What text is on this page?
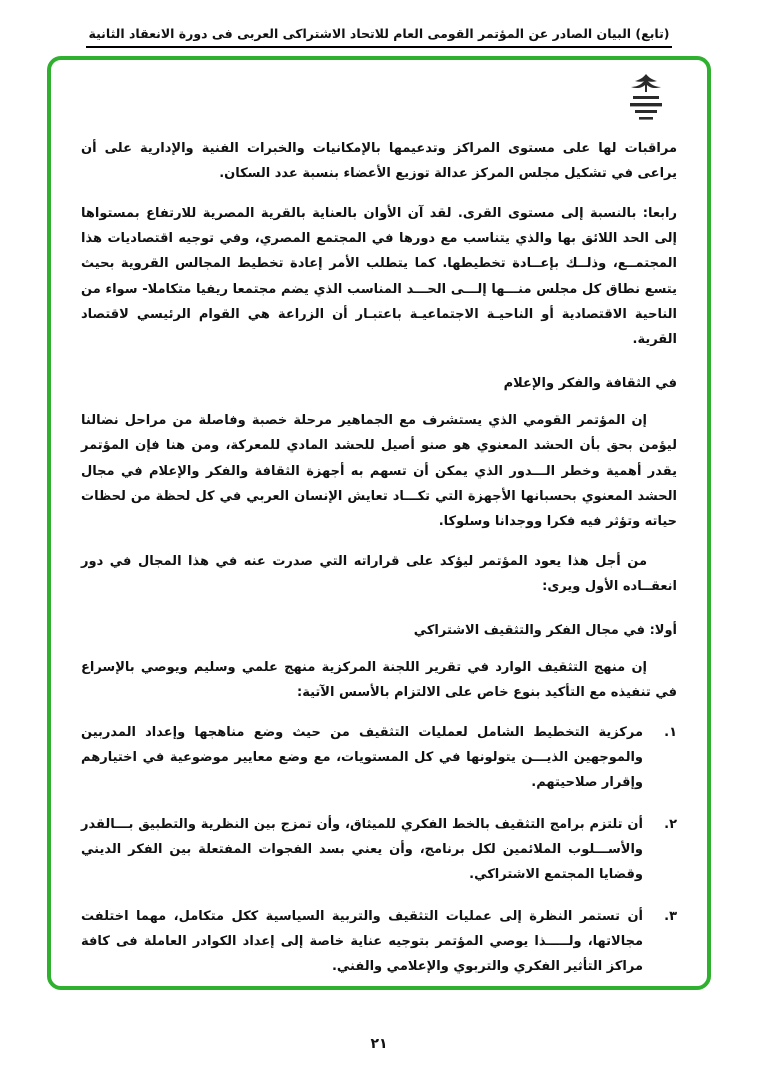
(تابع) البيان الصادر عن المؤتمر القومى العام للاتحاد الاشتراكى العربى فى دورة الانعقاد الثانية

مراقبات لها على مستوى المراكز وتدعيمها بالإمكانيات والخبرات الفنية والإدارية على أن يراعى في تشكيل مجلس المركز عدالة توزيع الأعضاء بنسبة عدد السكان.

رابعا: بالنسبة إلى مستوى القرى. لقد آن الأوان بالعناية بالقرية المصرية للارتفاع بمستواها إلى الحد اللائق بها والذي يتناسب مع دورها في المجتمع المصري، وفي توجيه اقتصاديات هذا المجتمــع، وذلــك بإعــادة تخطيطها. كما يتطلب الأمر إعادة تخطيط المجالس القروية بحيث يتسع نطاق كل مجلس منـــها إلـــى الحـــد المناسب الذي يضم مجتمعا ريفيا متكاملا- سواء من الناحية الاقتصادية أو الناحيـة الاجتماعيـة باعتبـار أن الزراعة هي القوام الرئيسي لاقتصاد القرية.

في الثقافة والفكر والإعلام

إن المؤتمر القومي الذي يستشرف مع الجماهير مرحلة خصبة وفاصلة من مراحل نضالنا ليؤمن بحق بأن الحشد المعنوي هو صنو أصيل للحشد المادي للمعركة، ومن هنا فإن المؤتمر يقدر أهمية وخطر الـــدور الذي يمكن أن تسهم به أجهزة الثقافة والفكر والإعلام في مجال الحشد المعنوي بحسبانها الأجهزة التي تكـــاد تعايش الإنسان العربي في كل لحظة من لحظات حياته وتؤثر فيه فكرا ووجدانا وسلوكا.

من أجل هذا يعود المؤتمر ليؤكد على قراراته التي صدرت عنه في هذا المجال في دور انعقــاده الأول ويرى:

أولا: في مجال الفكر والتثقيف الاشتراكي

إن منهج التثقيف الوارد في تقرير اللجنة المركزية منهج علمي وسليم ويوصي بالإسراع في تنفيذه مع التأكيد بنوع خاص على الالتزام بالأسس الآتية:

١.
مركزية التخطيط الشامل لعمليات التثقيف من حيث وضع مناهجها وإعداد المدربين والموجهين الذيـــن يتولونها في كل المستويات، مع وضع معايير موضوعية في اختيارهم وإقرار صلاحيتهم.
٢.
أن تلتزم برامج التثقيف بالخط الفكري للميثاق، وأن تمزج بين النظرية والتطبيق بـــالقدر والأســـلوب الملائمين لكل برنامج، وأن يعني بسد الفجوات المفتعلة بين الفكر الديني وقضايا المجتمع الاشتراكي.
٣.
أن تستمر النظرة إلى عمليات التثقيف والتربية السياسية ككل متكامل، مهما اختلفت مجالاتها، ولـــــذا يوصي المؤتمر بتوجيه عناية خاصة إلى إعداد الكوادر العاملة فى كافة مراكز التأثير الفكري والتربوي والإعلامي والفني.
٢١
